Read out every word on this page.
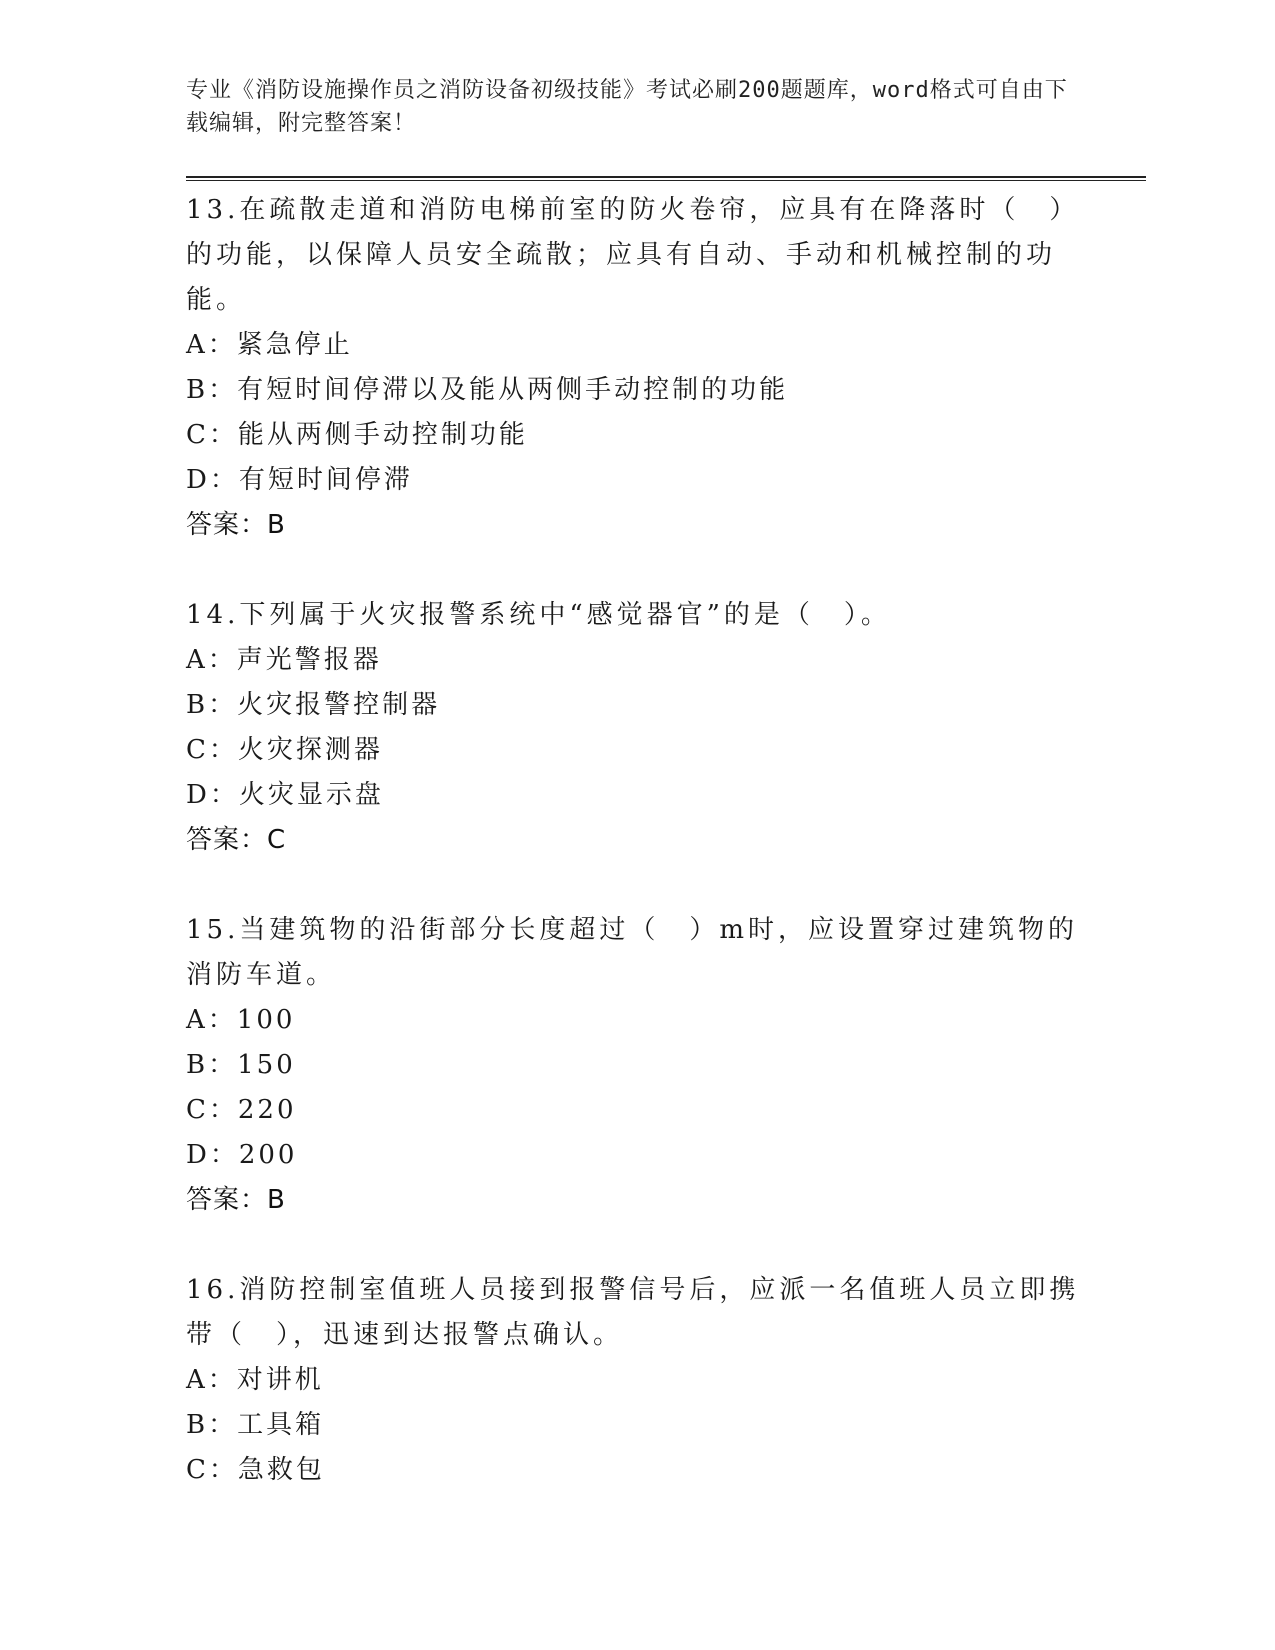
专业《消防设施操作员之消防设备初级技能》考试必刷200题题库，word格式可自由下载编辑，附完整答案！
13.在疏散走道和消防电梯前室的防火卷帘，应具有在降落时（　）的功能，以保障人员安全疏散；应具有自动、手动和机械控制的功能。
A：紧急停止
B：有短时间停滞以及能从两侧手动控制的功能
C：能从两侧手动控制功能
D：有短时间停滞
答案：B
14.下列属于火灾报警系统中“感觉器官”的是（　）。
A：声光警报器
B：火灾报警控制器
C：火灾探测器
D：火灾显示盘
答案：C
15.当建筑物的沿街部分长度超过（　）m时，应设置穿过建筑物的消防车道。
A：100
B：150
C：220
D：200
答案：B
16.消防控制室值班人员接到报警信号后，应派一名值班人员立即携带（　），迅速到达报警点确认。
A：对讲机
B：工具箱
C：急救包
